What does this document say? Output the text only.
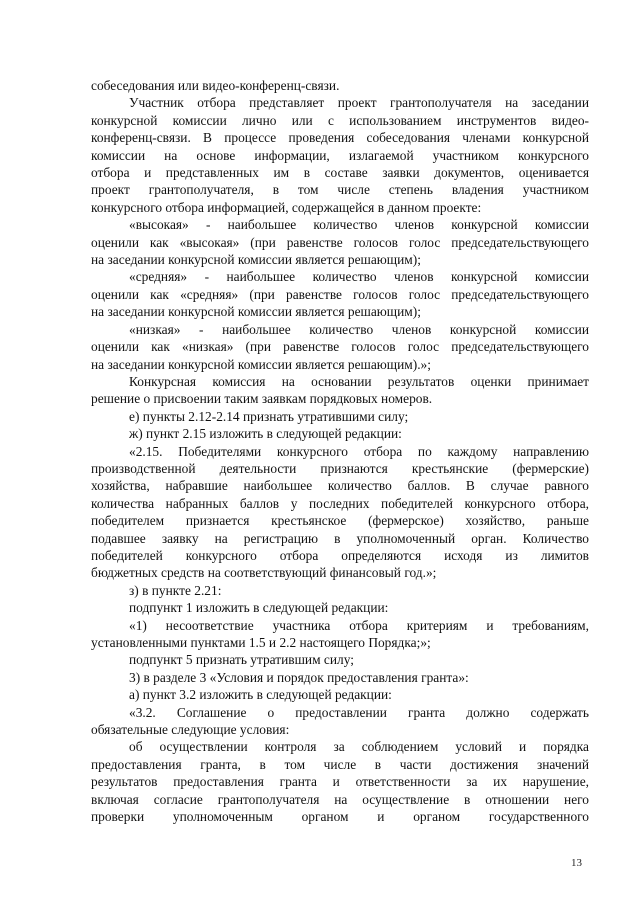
собеседования или видео-конференц-связи.
Участник отбора представляет проект грантополучателя на заседании
конкурсной комиссии лично или с использованием инструментов видео-
конференц-связи. В процессе проведения собеседования членами конкурсной
комиссии на основе информации, излагаемой участником конкурсного
отбора и представленных им в составе заявки документов, оценивается
проект грантополучателя, в том числе степень владения участником
конкурсного отбора информацией, содержащейся в данном проекте:
«высокая» - наибольшее количество членов конкурсной комиссии
оценили как «высокая» (при равенстве голосов голос председательствующего
на заседании конкурсной комиссии является решающим);
«средняя» - наибольшее количество членов конкурсной комиссии
оценили как «средняя» (при равенстве голосов голос председательствующего
на заседании конкурсной комиссии является решающим);
«низкая» - наибольшее количество членов конкурсной комиссии
оценили как «низкая» (при равенстве голосов голос председательствующего
на заседании конкурсной комиссии является решающим).»;
Конкурсная комиссия на основании результатов оценки принимает
решение о присвоении таким заявкам порядковых номеров.
е) пункты 2.12-2.14 признать утратившими силу;
ж) пункт 2.15 изложить в следующей редакции:
«2.15. Победителями конкурсного отбора по каждому направлению
производственной деятельности признаются крестьянские (фермерские)
хозяйства, набравшие наибольшее количество баллов. В случае равного
количества набранных баллов у последних победителей конкурсного отбора,
победителем признается крестьянское (фермерское) хозяйство, раньше
подавшее заявку на регистрацию в уполномоченный орган. Количество
победителей конкурсного отбора определяются исходя из лимитов
бюджетных средств на соответствующий финансовый год.»;
з) в пункте 2.21:
подпункт 1 изложить в следующей редакции:
«1) несоответствие участника отбора критериям и требованиям,
установленными пунктами 1.5 и 2.2 настоящего Порядка;»;
подпункт 5 признать утратившим силу;
3) в разделе 3 «Условия и порядок предоставления гранта»:
а) пункт 3.2 изложить в следующей редакции:
«3.2. Соглашение о предоставлении гранта должно содержать
обязательные следующие условия:
об осуществлении контроля за соблюдением условий и порядка
предоставления гранта, в том числе в части достижения значений
результатов предоставления гранта и ответственности за их нарушение,
включая согласие грантополучателя на осуществление в отношении него
проверки уполномоченным органом и органом государственного
13
